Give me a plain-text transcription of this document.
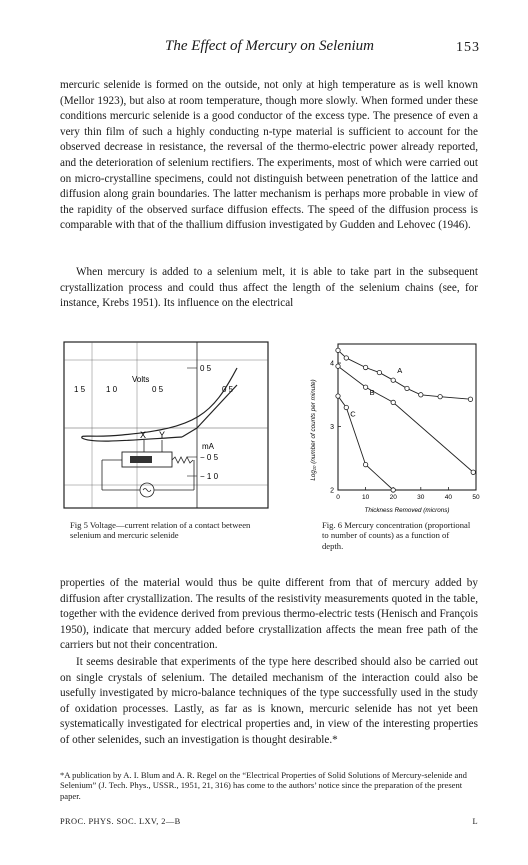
The Effect of Mercury on Selenium	153

mercuric selenide is formed on the outside, not only at high temperature as is well known (Mellor 1923), but also at room temperature, though more slowly. When formed under these conditions mercuric selenide is a good conductor of the excess type. The presence of even a very thin film of such a highly conducting n-type material is sufficient to account for the observed decrease in resistance, the reversal of the thermo-electric power already reported, and the deterioration of selenium rectifiers. The experiments, most of which were carried out on micro-crystalline specimens, could not distinguish between penetration of the lattice and diffusion along grain boundaries. The latter mechanism is perhaps more probable in view of the rapidity of the observed surface diffusion effects. The speed of the diffusion process is comparable with that of the thallium diffusion investigated by Gudden and Lehovec (1946).

When mercury is added to a selenium melt, it is able to take part in the subsequent crystallization process and could thus affect the length of the selenium chains (see, for instance, Krebs 1951). Its influence on the electrical

0 5
Volts
1 5	1 0	0 5	0 5
− 0 5
mA
− 1 0
X Y

Fig 5 Voltage—current relation of a contact between selenium and mercuric selenide

0	10	20	30	40	50
2
3
4
A
B
C
Log₁₀ (number of counts per minute)
Thickness Removed (microns)

Fig. 6 Mercury concentration (proportional to number of counts) as a function of depth.

properties of the material would thus be quite different from that of mercury added by diffusion after crystallization. The results of the resistivity measurements quoted in the table, together with the evidence derived from previous thermo-electric tests (Henisch and François 1950), indicate that mercury added before crystallization affects the mean free path of the carriers but not their concentration.

It seems desirable that experiments of the type here described should also be carried out on single crystals of selenium. The detailed mechanism of the interaction could also be usefully investigated by micro-balance techniques of the type successfully used in the study of oxidation processes. Lastly, as far as is known, mercuric selenide has not yet been systematically investigated for electrical properties and, in view of the interesting properties of other selenides, such an investigation is thought desirable.*

*A publication by A. I. Blum and A. R. Regel on the “Electrical Properties of Solid Solutions of Mercury-selenide and Selenium” (J. Tech. Phys., USSR., 1951, 21, 316) has come to the authors’ notice since the preparation of the present paper.

PROC. PHYS. SOC. LXV, 2—B	L
